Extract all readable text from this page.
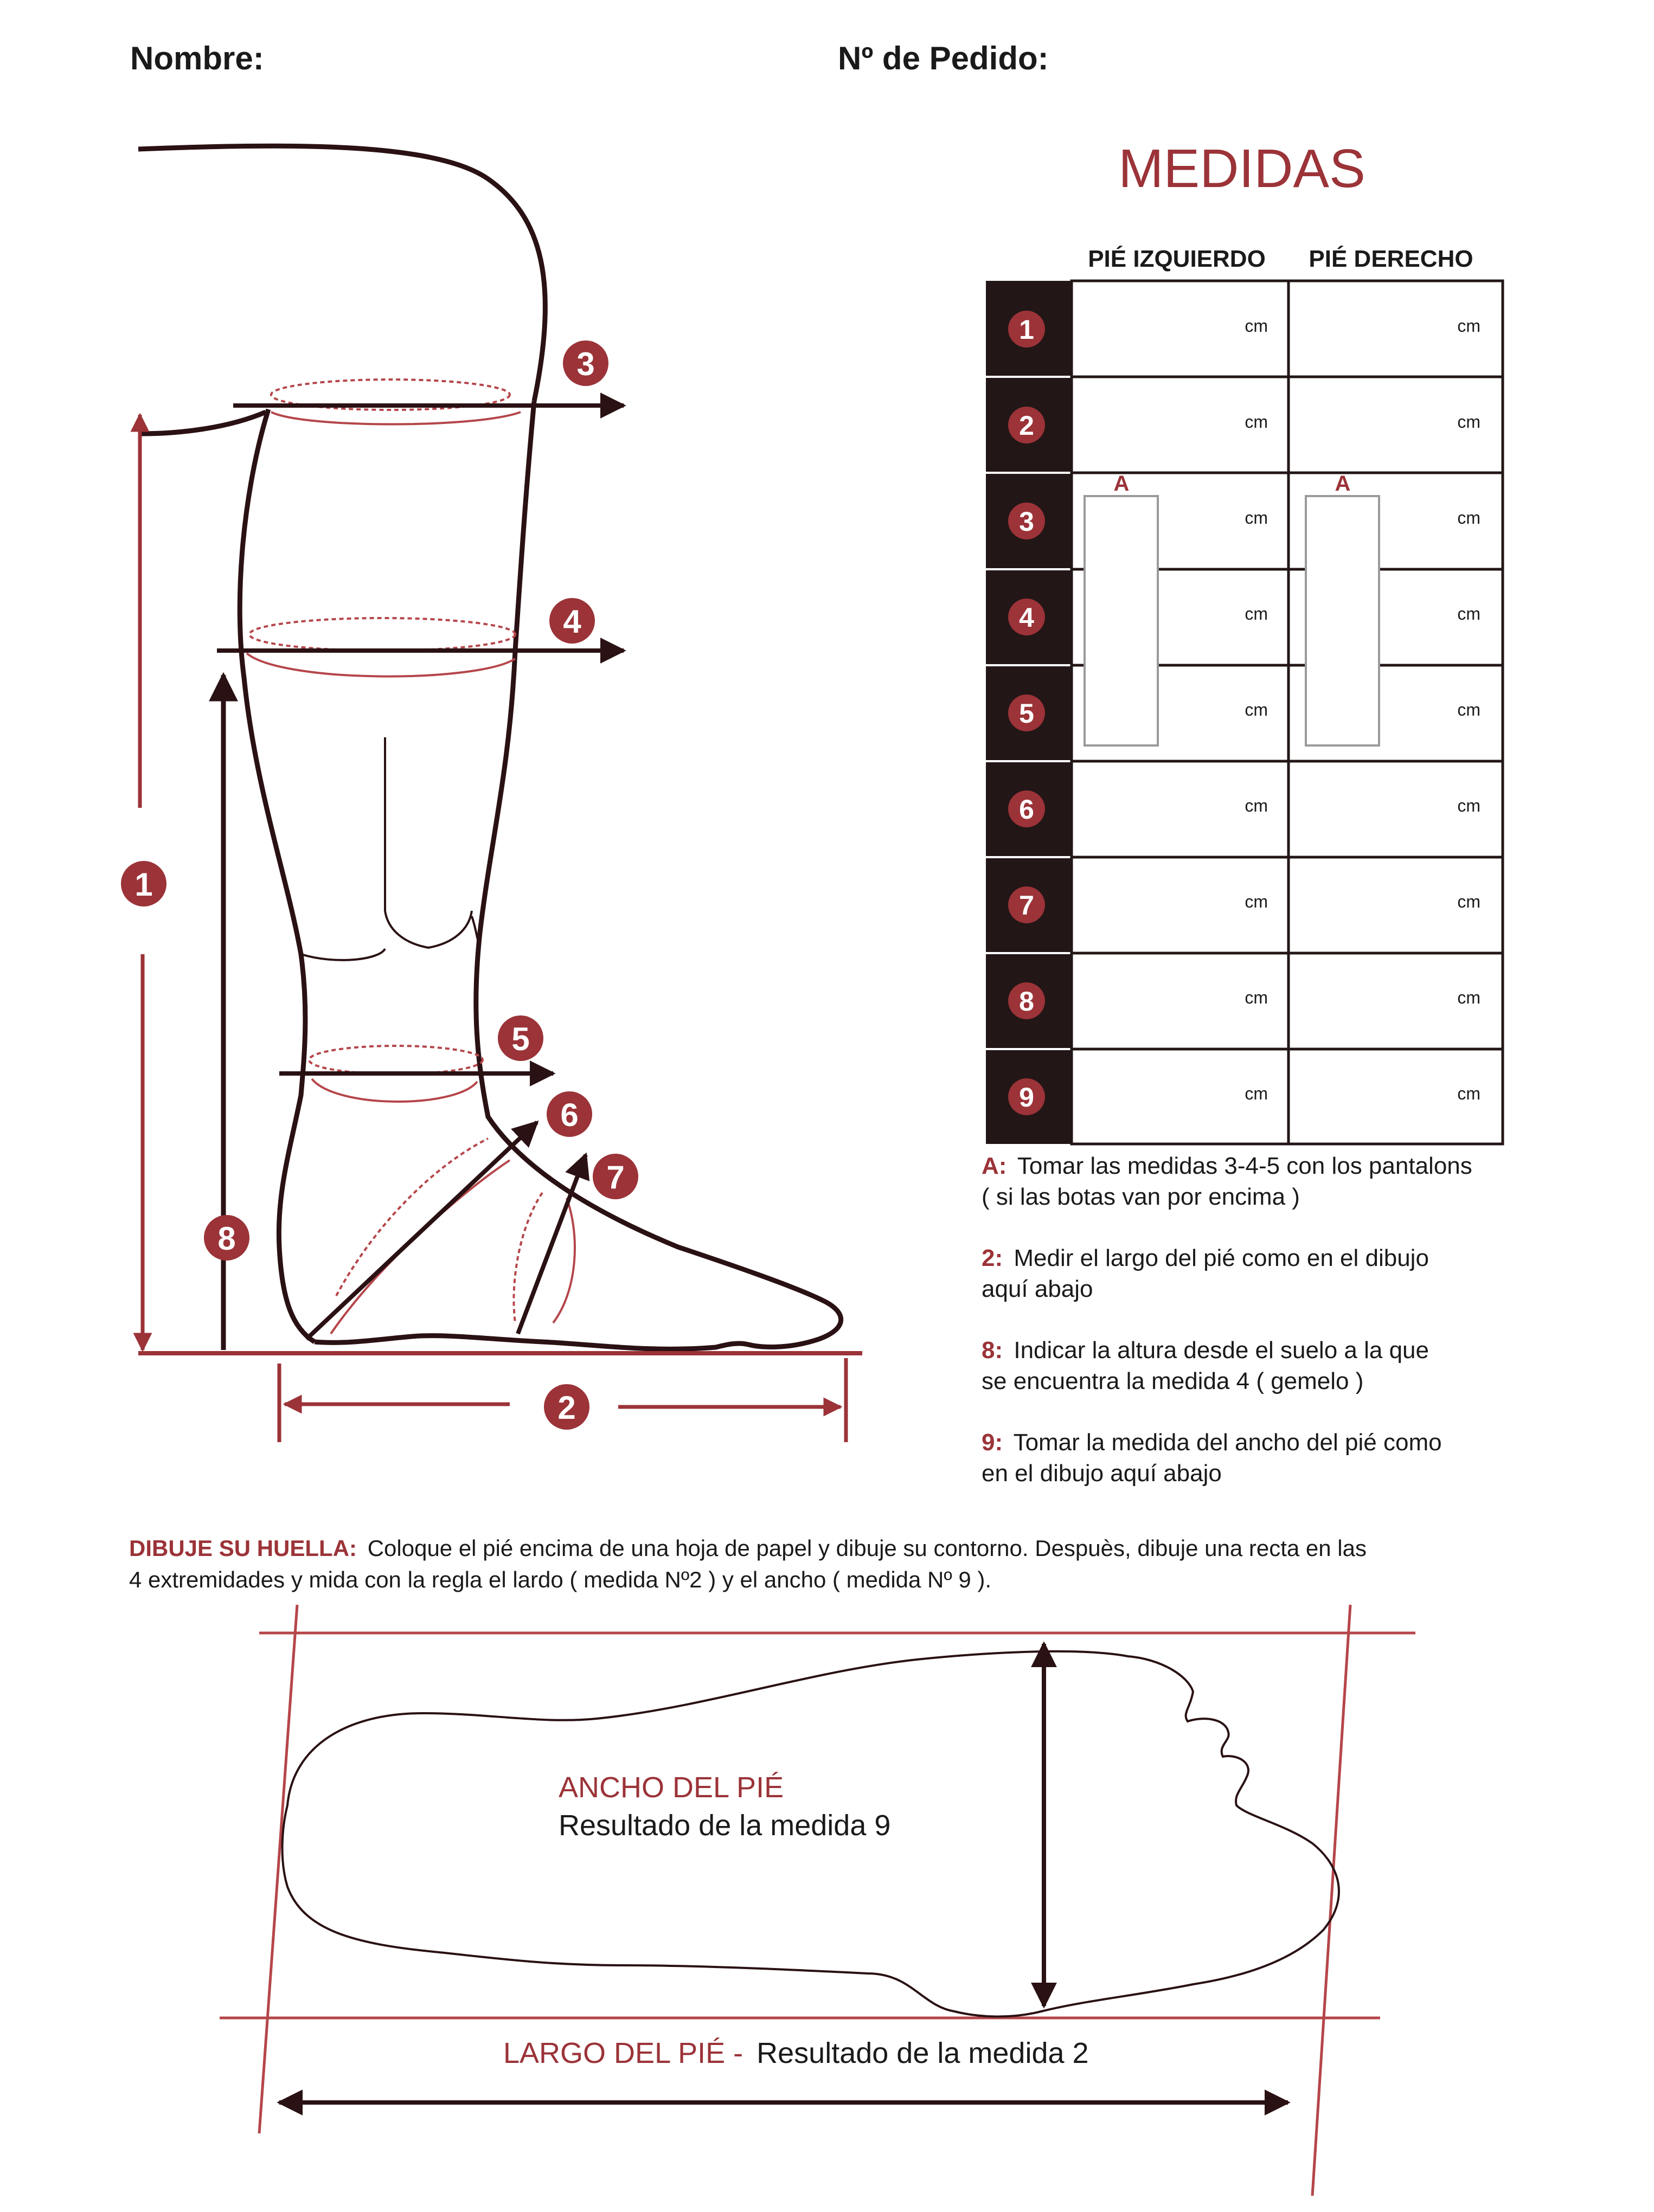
Nombre:	Nº de Pedido:
1
2
3
4
5
6
7
8
MEDIDAS
PIÉ IZQUIERDO PIÉ DERECHO
A	A
1	cm	cm
2	cm	cm
3	cm	cm
4	cm	cm
5	cm	cm
6	cm	cm
7	cm	cm
8	cm	cm
9	cm	cm
A: Tomar las medidas 3-4-5 con los pantalons
( si las botas van por encima )
2: Medir el largo del pié como en el dibujo
aquí abajo
8: Indicar la altura desde el suelo a la que
se encuentra la medida 4 ( gemelo )
9: Tomar la medida del ancho del pié como
en el dibujo aquí abajo
DIBUJE SU HUELLA: Coloque el pié encima de una hoja de papel y dibuje su contorno. Despuès, dibuje una recta en las
4 extremidades y mida con la regla el lardo ( medida Nº2 ) y el ancho ( medida Nº 9 ).
ANCHO DEL PIÉ
Resultado de la medida 9
LARGO DEL PIÉ - Resultado de la medida 2
